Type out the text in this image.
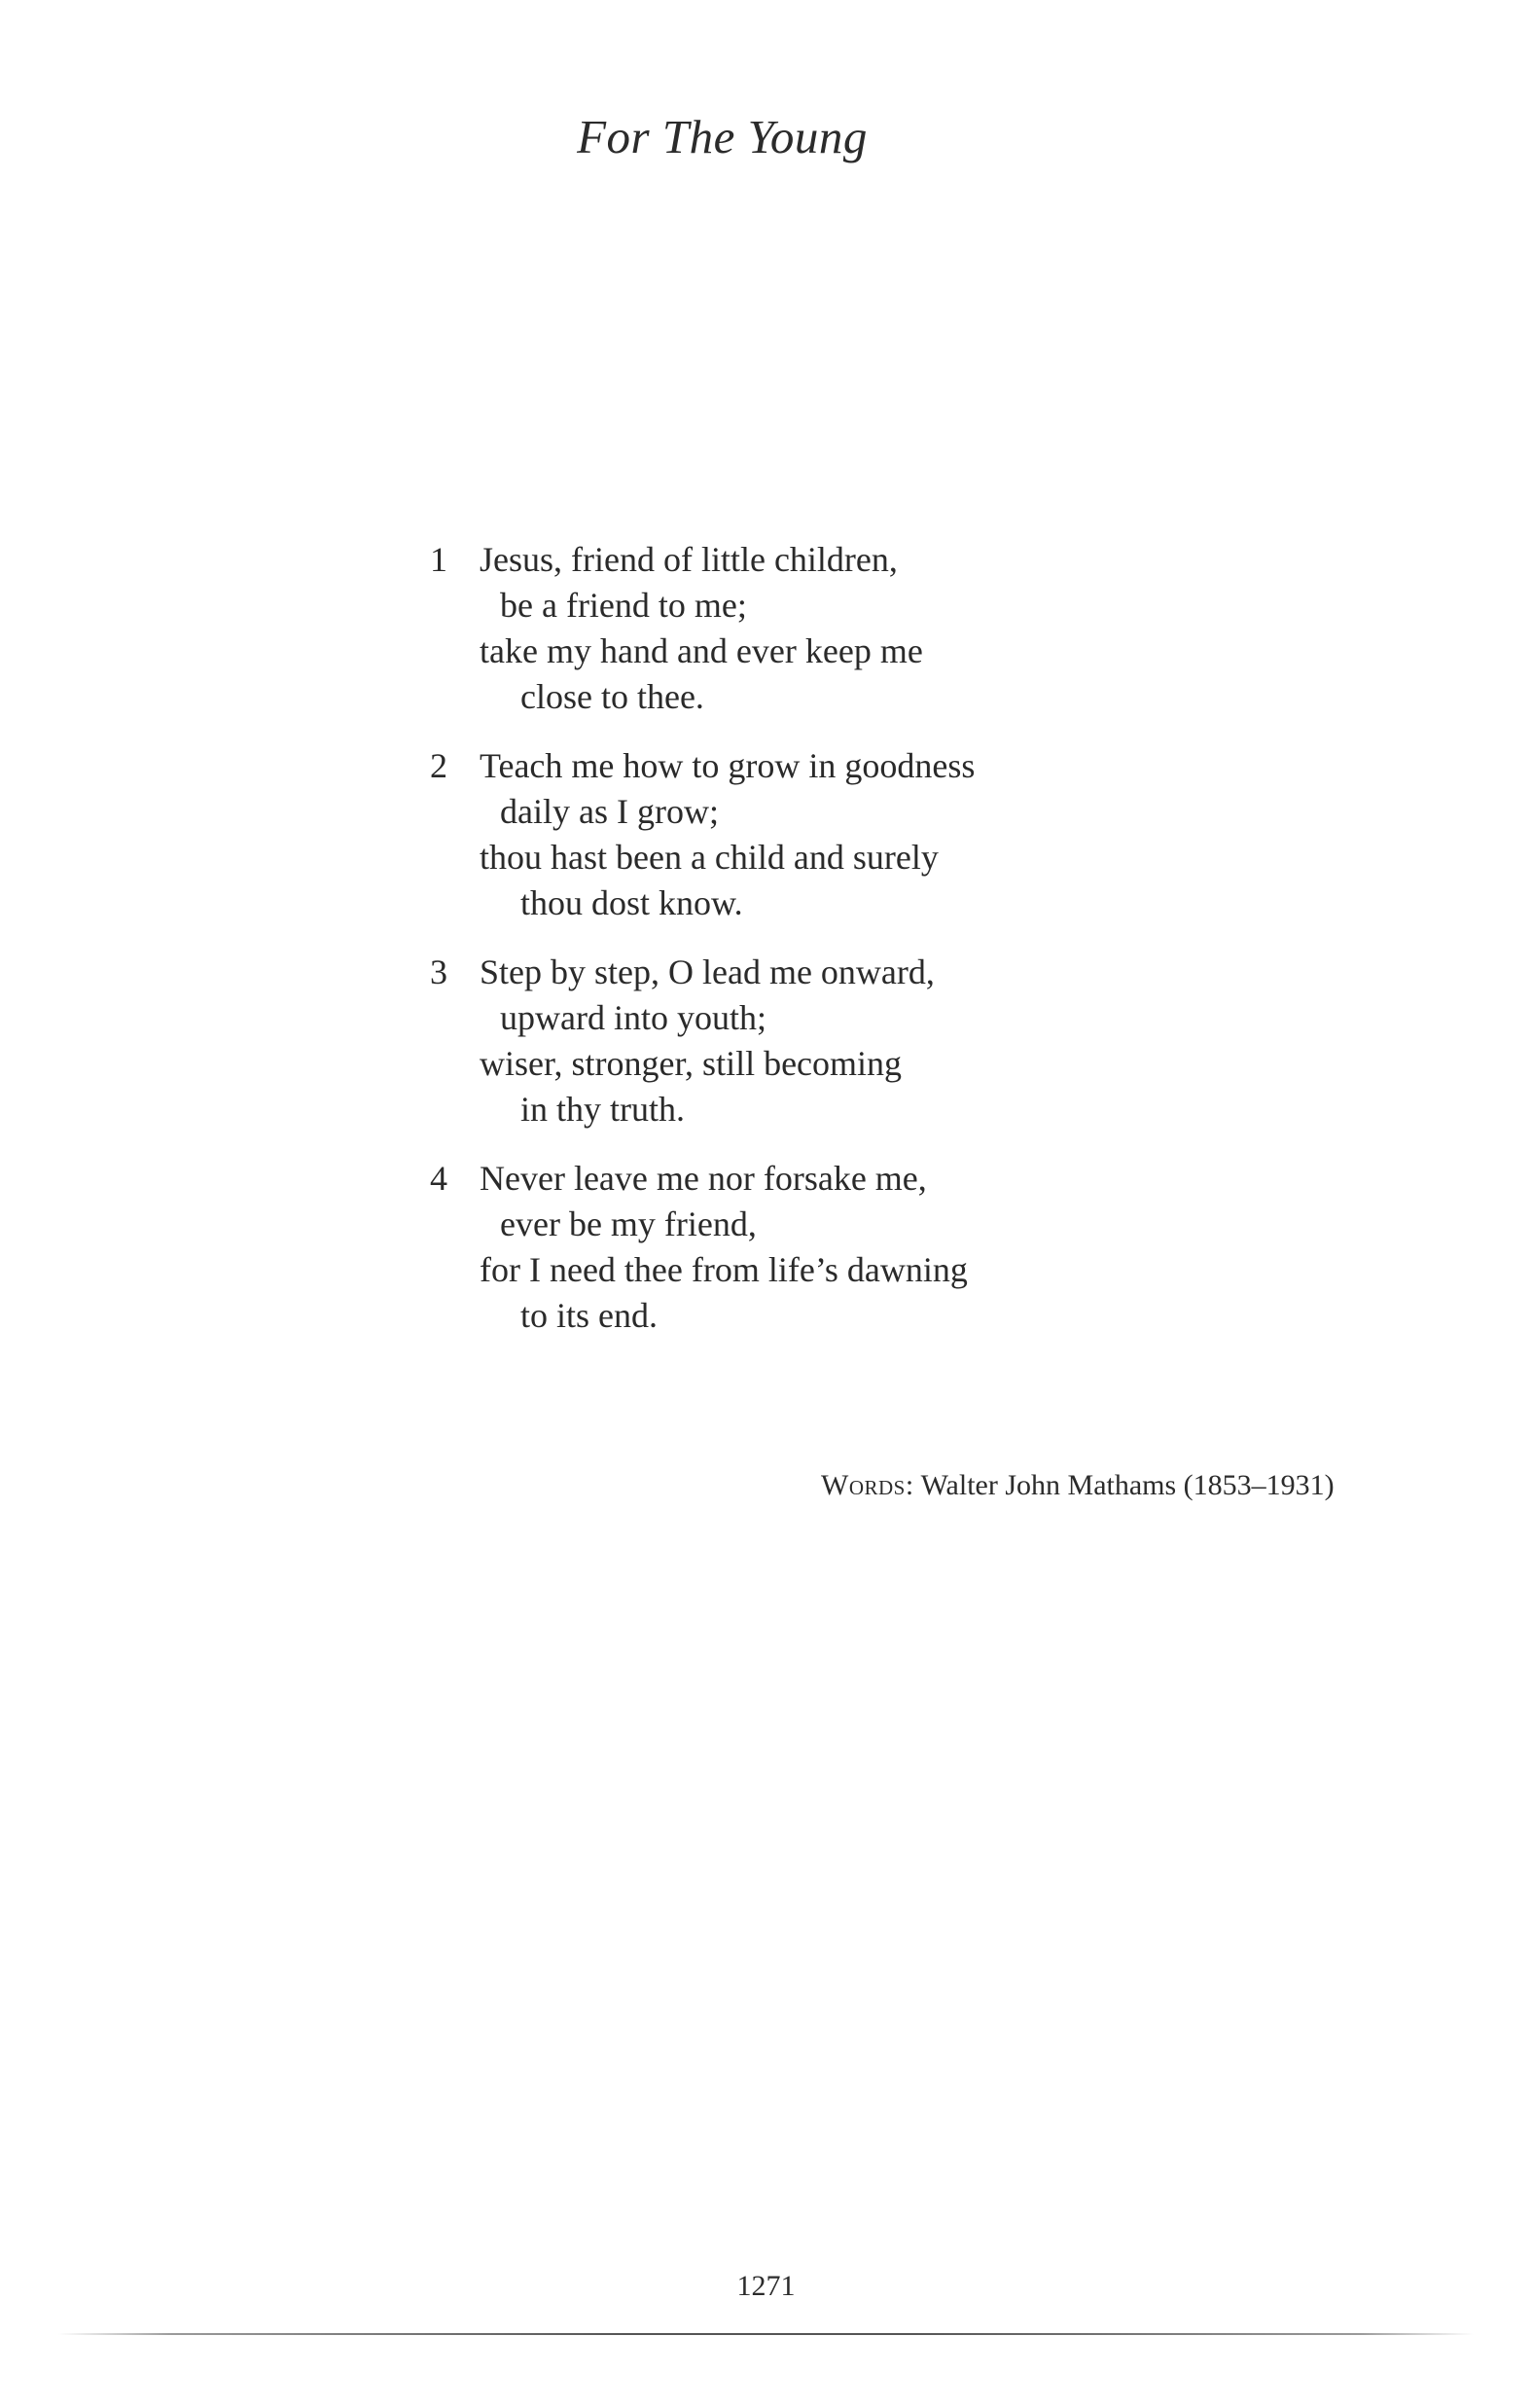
For The Young
1 Jesus, friend of little children,
be a friend to me;
take my hand and ever keep me
close to thee.
2 Teach me how to grow in goodness
daily as I grow;
thou hast been a child and surely
thou dost know.
3 Step by step, O lead me onward,
upward into youth;
wiser, stronger, still becoming
in thy truth.
4 Never leave me nor forsake me,
ever be my friend,
for I need thee from life’s dawning
to its end.
Words: Walter John Mathams (1853–1931)
1271
